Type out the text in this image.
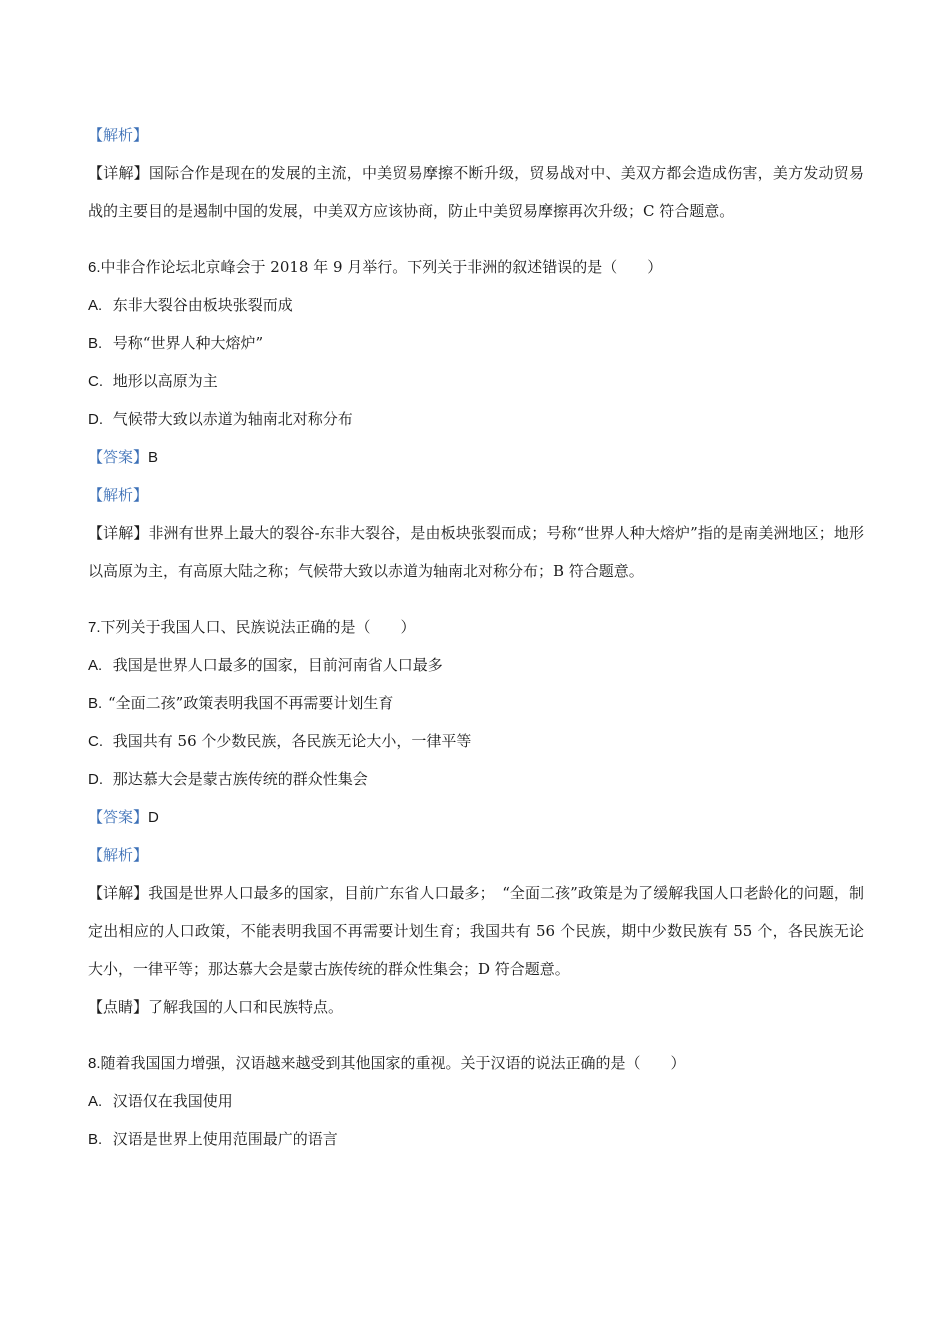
【解析】
【详解】国际合作是现在的发展的主流，中美贸易摩擦不断升级，贸易战对中、美双方都会造成伤害，美方发动贸易战的主要目的是遏制中国的发展，中美双方应该协商，防止中美贸易摩擦再次升级；C 符合题意。
6.中非合作论坛北京峰会于 2018 年 9 月举行。下列关于非洲的叙述错误的是（　　）
A. 东非大裂谷由板块张裂而成
B. 号称“世界人种大熔炉”
C. 地形以高原为主
D. 气候带大致以赤道为轴南北对称分布
【答案】B
【解析】
【详解】非洲有世界上最大的裂谷-东非大裂谷，是由板块张裂而成；号称“世界人种大熔炉”指的是南美洲地区；地形以高原为主，有高原大陆之称；气候带大致以赤道为轴南北对称分布；B 符合题意。
7.下列关于我国人口、民族说法正确的是（　　）
A. 我国是世界人口最多的国家，目前河南省人口最多
B. “全面二孩”政策表明我国不再需要计划生育
C. 我国共有 56 个少数民族，各民族无论大小，一律平等
D. 那达慕大会是蒙古族传统的群众性集会
【答案】D
【解析】
【详解】我国是世界人口最多的国家，目前广东省人口最多；　“全面二孩”政策是为了缓解我国人口老龄化的问题，制定出相应的人口政策，不能表明我国不再需要计划生育；我国共有 56 个民族，期中少数民族有 55 个，各民族无论大小，一律平等；那达慕大会是蒙古族传统的群众性集会；D 符合题意。
【点睛】了解我国的人口和民族特点。
8.随着我国国力增强，汉语越来越受到其他国家的重视。关于汉语的说法正确的是（　　）
A. 汉语仅在我国使用
B. 汉语是世界上使用范围最广的语言
